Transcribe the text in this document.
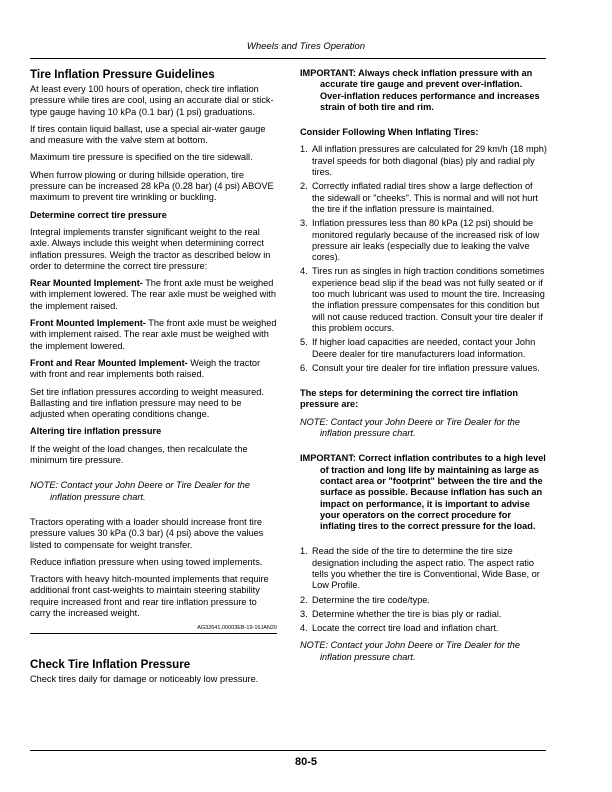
Wheels and Tires Operation
Tire Inflation Pressure Guidelines

At least every 100 hours of operation, check tire inflation pressure while tires are cool, using an accurate dial or stick-type gauge having 10 kPa (0.1 bar) (1 psi) graduations.

If tires contain liquid ballast, use a special air-water gauge and measure with the valve stem at bottom.

Maximum tire pressure is specified on the tire sidewall.

When furrow plowing or during hillside operation, tire pressure can be increased 28 kPa (0.28 bar) (4 psi) ABOVE maximum to prevent tire wrinkling or buckling.

Determine correct tire pressure

Integral implements transfer significant weight to the real axle. Always include this weight when determining correct inflation pressures. Weigh the tractor as described below in order to determine the correct tire pressure:

Rear Mounted Implement- The front axle must be weighed with implement lowered. The rear axle must be weighed with the implement raised.

Front Mounted Implement- The front axle must be weighed with implement raised. The rear axle must be weighed with the implement lowered.

Front and Rear Mounted Implement- Weigh the tractor with front and rear implements both raised.

Set tire inflation pressures according to weight measured. Ballasting and tire inflation pressure may need to be adjusted when operating conditions change.

Altering tire inflation pressure

If the weight of the load changes, then recalculate the minimum tire pressure.

NOTE: Contact your John Deere or Tire Dealer for the inflation pressure chart.

Tractors operating with a loader should increase front tire pressure values 30 kPa (0.3 bar) (4 psi) above the values listed to compensate for weight transfer.

Reduce inflation pressure when using towed implements.

Tractors with heavy hitch-mounted implements that require additional front cast-weights to maintain steering stability require increased front and rear tire inflation pressure to carry the increased weight.

AG32641,00003EB-19-16JAN20
Check Tire Inflation Pressure

Check tires daily for damage or noticeably low pressure.

IMPORTANT: Always check inflation pressure with an accurate tire gauge and prevent over-inflation. Over-inflation reduces performance and increases strain of both tire and rim.

Consider Following When Inflating Tires:
1. All inflation pressures are calculated for 29 km/h (18 mph) travel speeds for both diagonal (bias) ply and radial ply tires.
2. Correctly inflated radial tires show a large deflection of the sidewall or "cheeks". This is normal and will not hurt the tire if the inflation pressure is maintained.
3. Inflation pressures less than 80 kPa (12 psi) should be monitored regularly because of the increased risk of low pressure air leaks (especially due to leaking the valve cores).
4. Tires run as singles in high traction conditions sometimes experience bead slip if the bead was not fully seated or if too much lubricant was used to mount the tire. Increasing the inflation pressure compensates for this condition but will not cause reduced traction. Consult your tire dealer if this problem occurs.
5. If higher load capacities are needed, contact your John Deere dealer for tire manufacturers load information.
6. Consult your tire dealer for tire inflation pressure values.
The steps for determining the correct tire inflation pressure are:

NOTE: Contact your John Deere or Tire Dealer for the inflation pressure chart.

IMPORTANT: Correct inflation contributes to a high level of traction and long life by maintaining as large as contact area or "footprint" between the tire and the surface as possible. Because inflation has such an impact on performance, it is important to advise your operators on the correct procedure for inflating tires to the correct pressure for the load.

1. Read the side of the tire to determine the tire size designation including the aspect ratio. The aspect ratio tells you whether the tire is Conventional, Wide Base, or Low Profile.
2. Determine the tire code/type.
3. Determine whether the tire is bias ply or radial.
4. Locate the correct tire load and inflation chart.

NOTE: Contact your John Deere or Tire Dealer for the inflation pressure chart.

80-5
